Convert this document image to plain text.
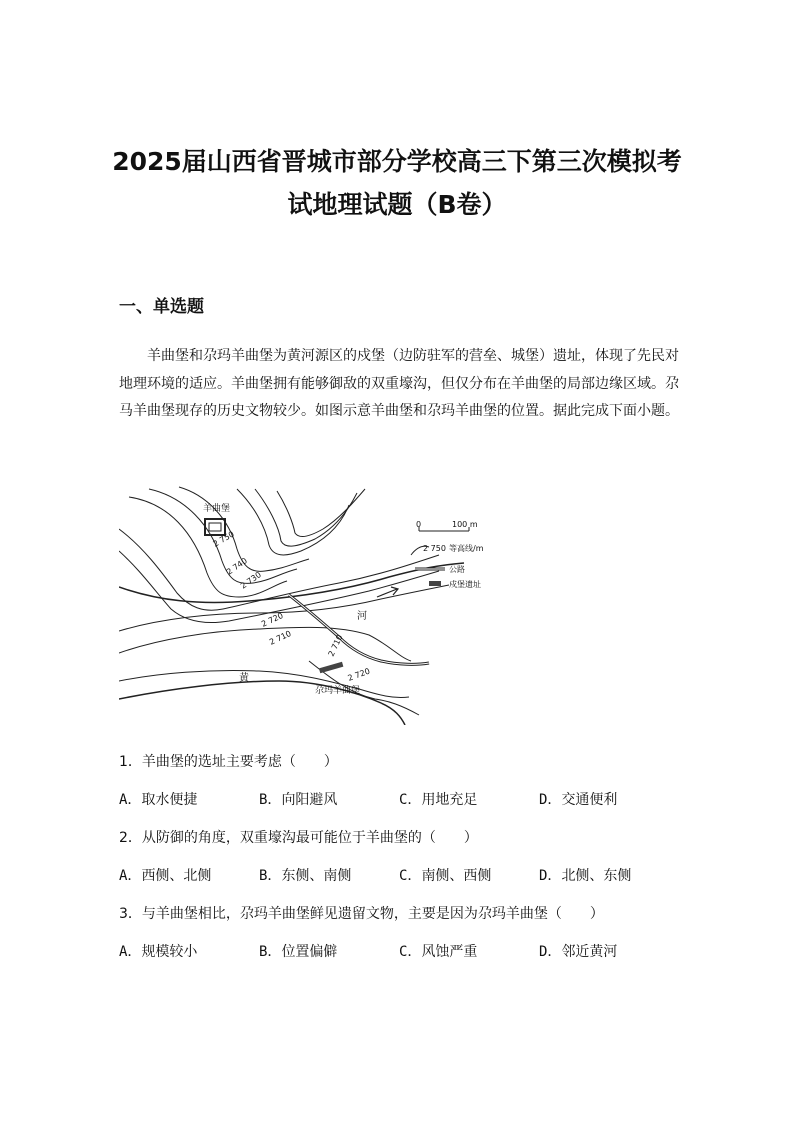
2025届山西省晋城市部分学校高三下第三次模拟考
试地理试题（B卷）

一、单选题

羊曲堡和尕玛羊曲堡为黄河源区的戍堡（边防驻军的营垒、城堡）遗址，体现了先民对地理环境的适应。羊曲堡拥有能够御敌的双重壕沟，但仅分布在羊曲堡的局部边缘区域。尕马羊曲堡现存的历史文物较少。如图示意羊曲堡和尕玛羊曲堡的位置。据此完成下面小题。

羊曲堡
尕玛羊曲堡
河
黄
2 750
2 740
2 730
2 720
2 710	2 710
2 720
0	100 m
2 750 等高线/m
公路
戍堡遗址

1．羊曲堡的选址主要考虑（　　）

A．取水便捷	B．向阳避风	C．用地充足	D．交通便利

2．从防御的角度，双重壕沟最可能位于羊曲堡的（　　）

A．西侧、北侧	B．东侧、南侧	C．南侧、西侧	D．北侧、东侧

3．与羊曲堡相比，尕玛羊曲堡鲜见遗留文物，主要是因为尕玛羊曲堡（　　）

A．规模较小	B．位置偏僻	C．风蚀严重	D．邻近黄河
